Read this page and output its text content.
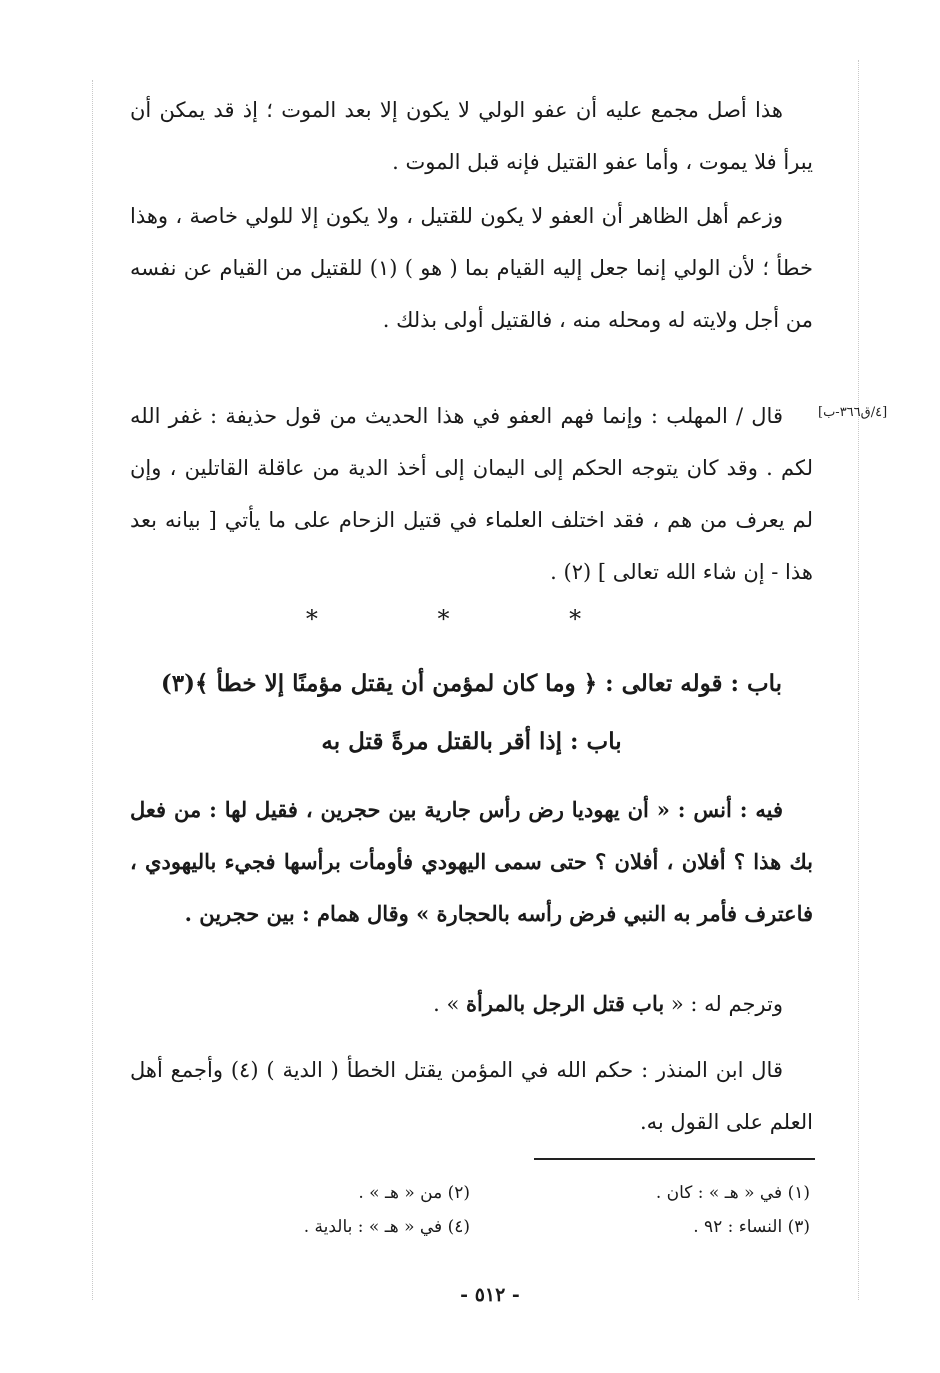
هذا أصل مجمع عليه أن عفو الولي لا يكون إلا بعد الموت ؛ إذ قد يمكن أن يبرأ فلا يموت ، وأما عفو القتيل فإنه قبل الموت .

وزعم أهل الظاهر أن العفو لا يكون للقتيل ، ولا يكون إلا للولي خاصة ، وهذا خطأ ؛ لأن الولي إنما جعل إليه القيام بما ( هو ) (١) للقتيل من القيام عن نفسه من أجل ولايته له ومحله منه ، فالقتيل أولى بذلك .

[٤/ق٣٦٦-ب]

قال / المهلب : وإنما فهم العفو في هذا الحديث من قول حذيفة : غفر الله لكم . وقد كان يتوجه الحكم إلى اليمان إلى أخذ الدية من عاقلة القاتلين ، وإن لم يعرف من هم ، فقد اختلف العلماء في قتيل الزحام على ما يأتي [ بيانه بعد هذا - إن شاء الله تعالى ] (٢) .

* * *
باب : قوله تعالى : ﴿ وما كان لمؤمن أن يقتل مؤمنًا إلا خطأ ﴾(٣)
باب : إذا أقر بالقتل مرةً قتل به

فيه : أنس : « أن يهوديا رض رأس جارية بين حجرين ، فقيل لها : من فعل بك هذا ؟ أفلان ، أفلان ؟ حتى سمى اليهودي فأومأت برأسها فجيء باليهودي ، فاعترف فأمر به النبي فرض رأسه بالحجارة » وقال همام : بين حجرين .

وترجم له : « باب قتل الرجل بالمرأة » .

قال ابن المنذر : حكم الله في المؤمن يقتل الخطأ ( الدية ) (٤) وأجمع أهل العلم على القول به.

(١) في « هـ » : كان .
(٢) من « هـ » .
(٣) النساء : ٩٢ .
(٤) في « هـ » : بالدية .
- ٥١٢ -
